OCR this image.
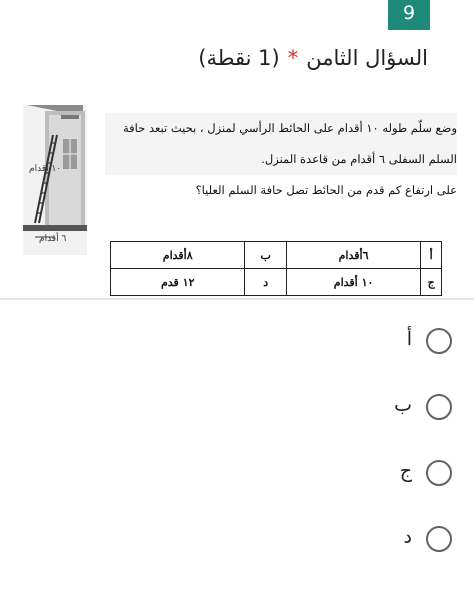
9
السؤال الثامن
*
(1 نقطة)
١٠ أقدام
٦ أقدام
وضع سلّم طوله ١٠ أقدام على الحائط الرأسي لمنزل ، بحيث تبعد حافة السلم السفلى ٦ أقدام من قاعدة المنزل.
على ارتفاع كم قدم من الحائط تصل حافة السلم العليا؟
أ	٦أقدام	ب	٨أقدام
ج	١٠ أقدام	د	١٢ قدم
أ
ب
ج
د
